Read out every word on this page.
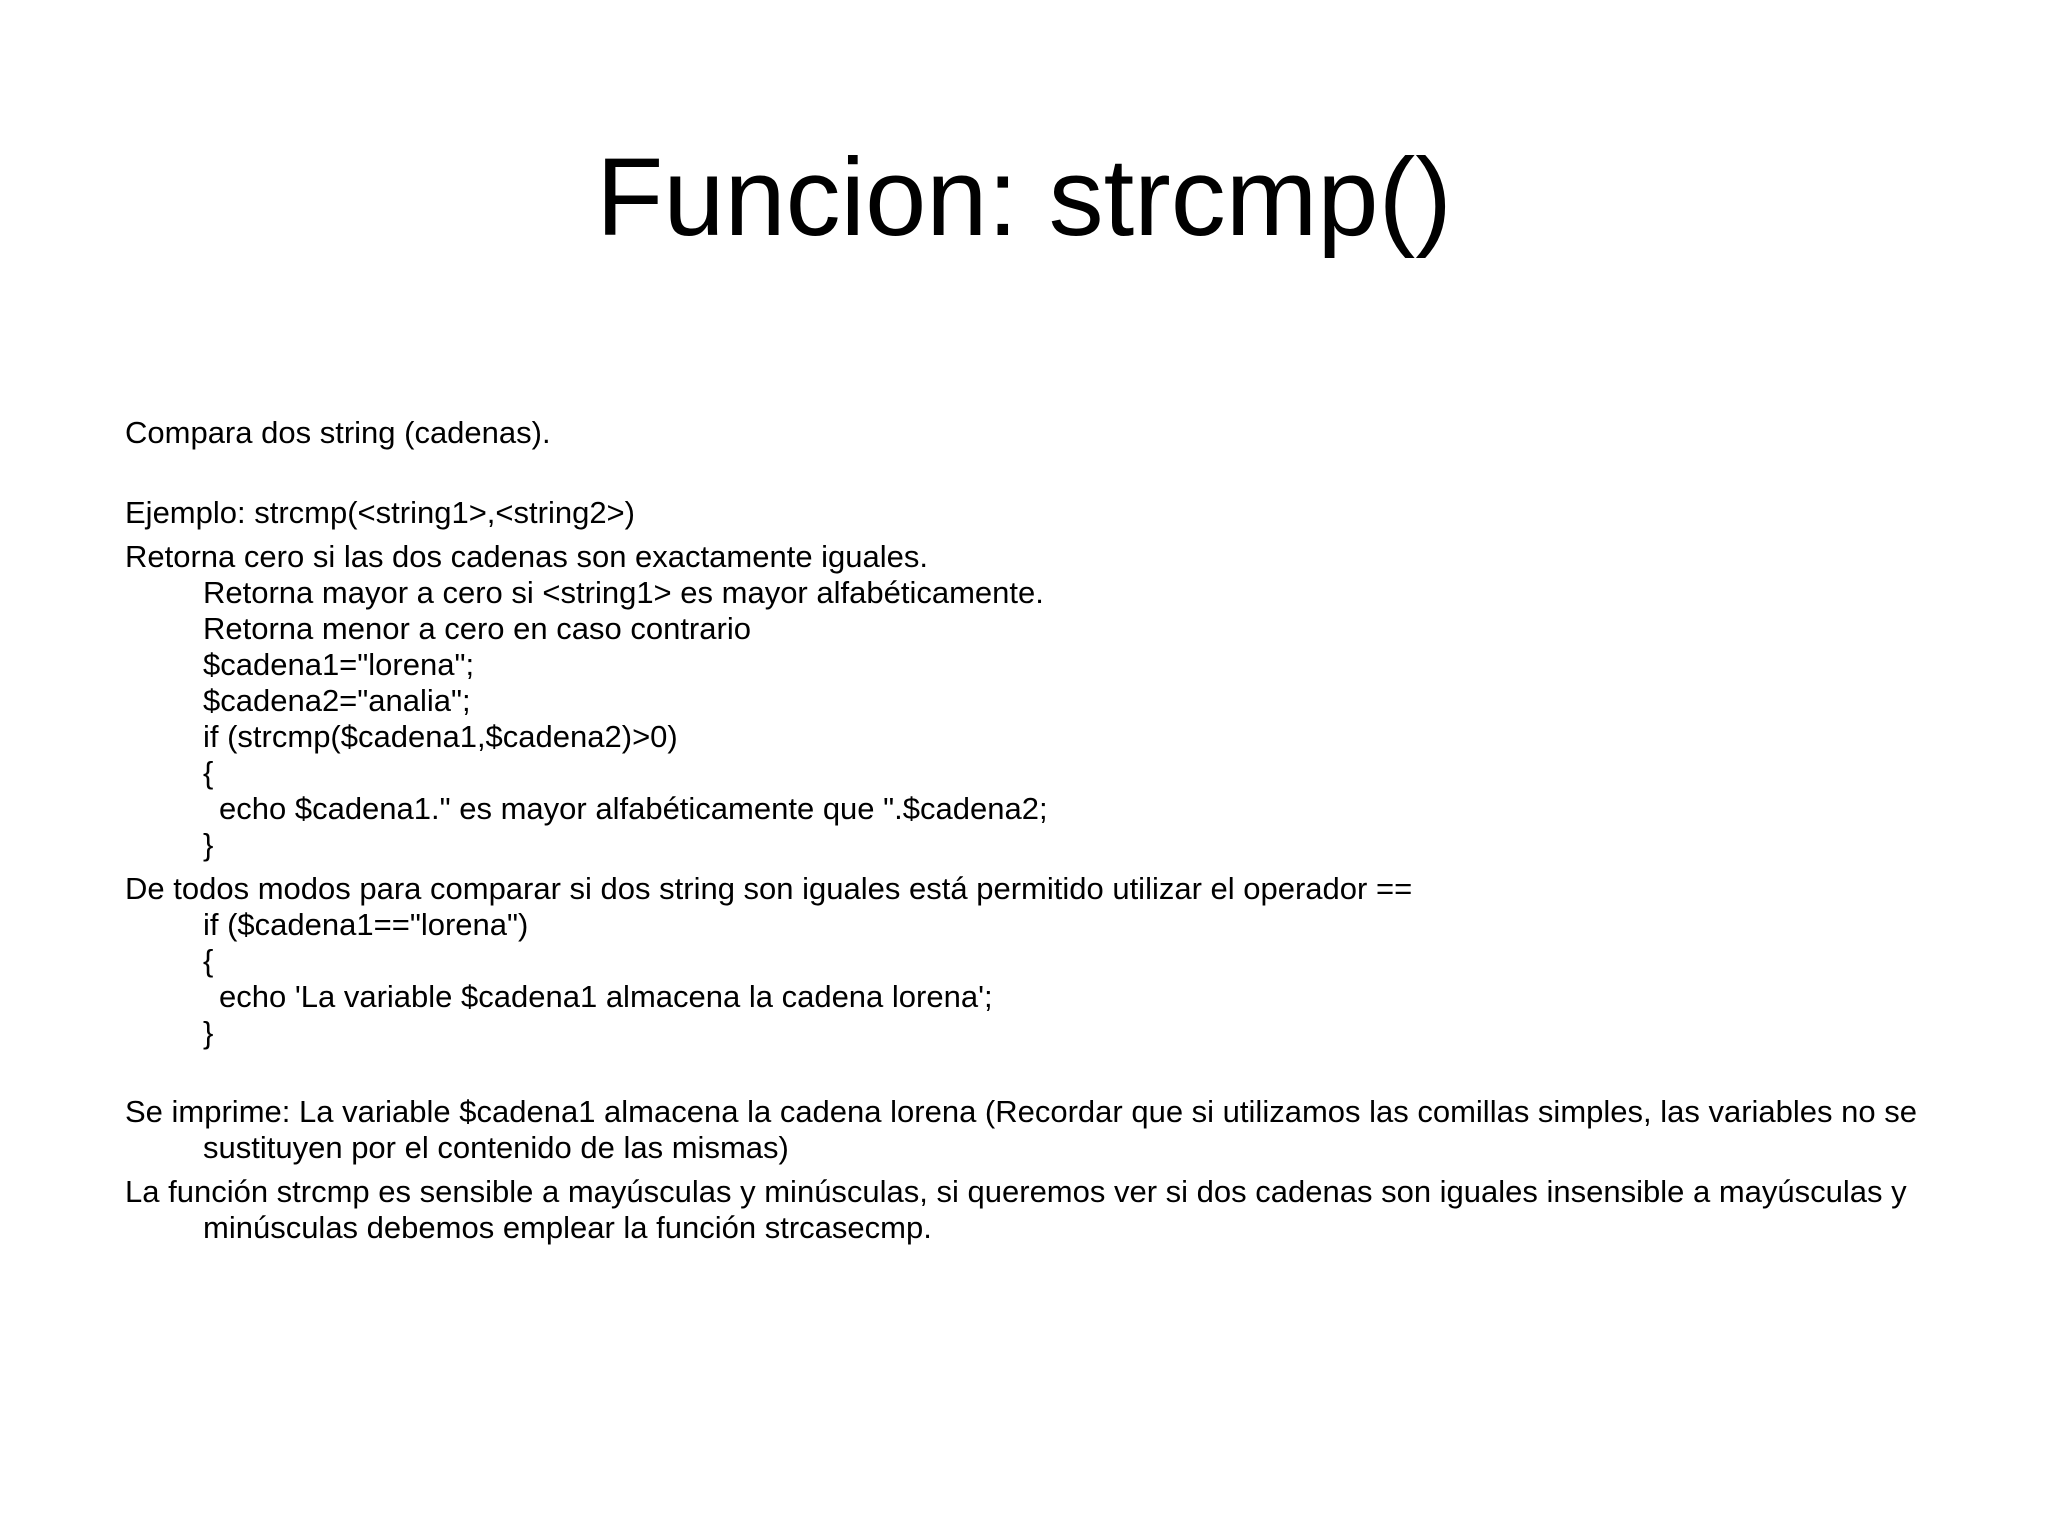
Funcion: strcmp()

Compara dos string (cadenas).

Ejemplo: strcmp(<string1>,<string2>)

Retorna cero si las dos cadenas son exactamente iguales.

Retorna mayor a cero si <string1> es mayor alfabéticamente.

Retorna menor a cero en caso contrario

$cadena1="lorena";

$cadena2="analia";

if (strcmp($cadena1,$cadena2)>0)

{

echo $cadena1." es mayor alfabéticamente que ".$cadena2;

}

De todos modos para comparar si dos string son iguales está permitido utilizar el operador ==

if ($cadena1=="lorena")

{

echo 'La variable $cadena1 almacena la cadena lorena';

}

Se imprime: La variable $cadena1 almacena la cadena lorena (Recordar que si utilizamos las comillas simples, las variables no se sustituyen por el contenido de las mismas)

La función strcmp es sensible a mayúsculas y minúsculas, si queremos ver si dos cadenas son iguales insensible a mayúsculas y minúsculas debemos emplear la función strcasecmp.
